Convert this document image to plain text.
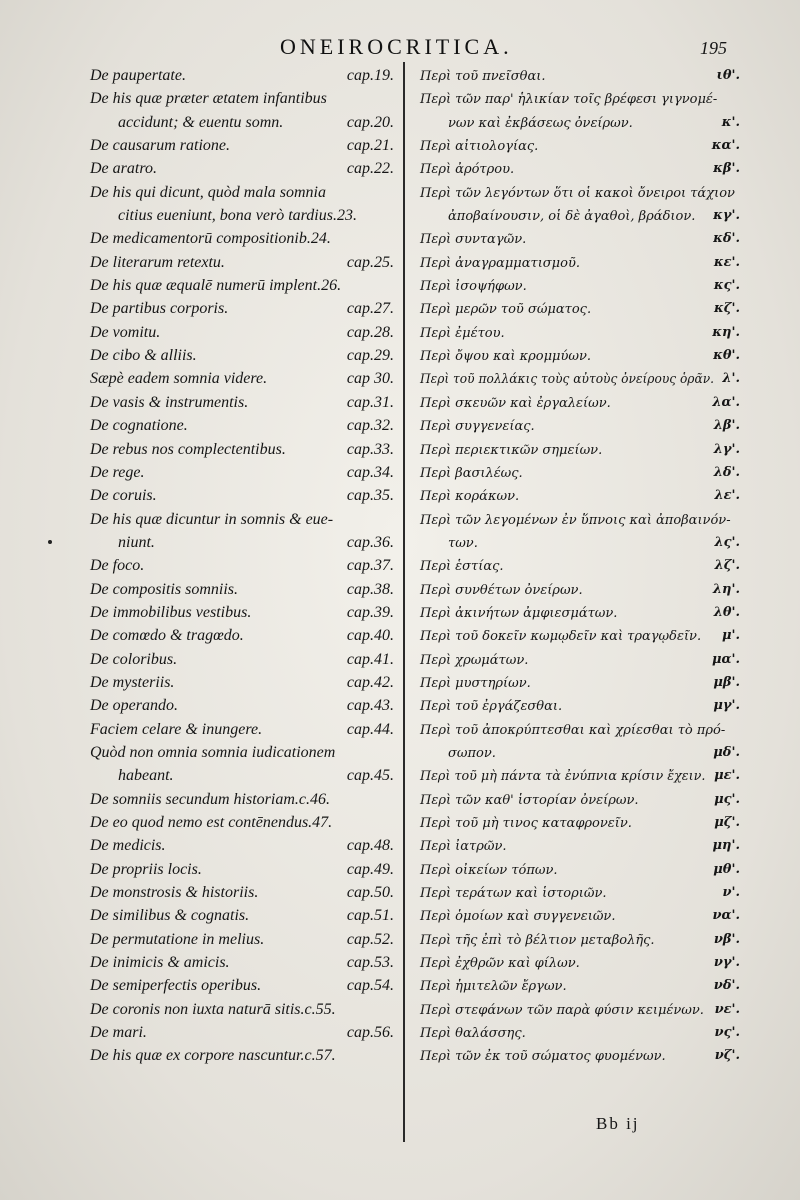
ONEIROCRITICA.	195
De paupertate.	cap.19.
De his quæ præter ætatem infantibus
accidunt; & euentu somn.	cap.20.
De causarum ratione.	cap.21.
De aratro.	cap.22.
De his qui dicunt, quòd mala somnia
citius eueniunt, bona verò tardius.23.
De medicamentorū compositionib.24.
De literarum retextu.	cap.25.
De his quæ æqualē numerū implent.26.
De partibus corporis.	cap.27.
De vomitu.	cap.28.
De cibo & alliis.	cap.29.
Sæpè eadem somnia videre.	cap 30.
De vasis & instrumentis.	cap.31.
De cognatione.	cap.32.
De rebus nos complectentibus.	cap.33.
De rege.	cap.34.
De coruis.	cap.35.
De his quæ dicuntur in somnis & eue-
niunt.	cap.36.
De foco.	cap.37.
De compositis somniis.	cap.38.
De immobilibus vestibus.	cap.39.
De comœdo & tragœdo.	cap.40.
De coloribus.	cap.41.
De mysteriis.	cap.42.
De operando.	cap.43.
Faciem celare & inungere.	cap.44.
Quòd non omnia somnia iudicationem
habeant.	cap.45.
De somniis secundum historiam.c.46.
De eo quod nemo est contēnendus.47.
De medicis.	cap.48.
De propriis locis.	cap.49.
De monstrosis & historiis.	cap.50.
De similibus & cognatis.	cap.51.
De permutatione in melius.	cap.52.
De inimicis & amicis.	cap.53.
De semiperfectis operibus.	cap.54.
De coronis non iuxta naturā sitis.c.55.
De mari.	cap.56.
De his quæ ex corpore nascuntur.c.57.
Περὶ τοῦ πνεῖσθαι.	ιθ'.
Περὶ τῶν παρ' ἡλικίαν τοῖς βρέφεσι γιγνομέ-
νων καὶ ἐκβάσεως ὀνείρων.	κ'.
Περὶ αἰτιολογίας.	κα'.
Περὶ ἀρότρου.	κβ'.
Περὶ τῶν λεγόντων ὅτι οἱ κακοὶ ὄνειροι τάχιον
ἀποβαίνουσιν, οἱ δὲ ἀγαθοὶ, βράδιον. κγ'.
Περὶ συνταγῶν.	κδ'.
Περὶ ἀναγραμματισμοῦ.	κε'.
Περὶ ἰσοψήφων.	κς'.
Περὶ μερῶν τοῦ σώματος.	κζ'.
Περὶ ἐμέτου.	κη'.
Περὶ ὄψου καὶ κρομμύων.	κθ'.
Περὶ τοῦ πολλάκις τοὺς αὐτοὺς ὀνείρους ὁρᾶν. λ'.
Περὶ σκευῶν καὶ ἐργαλείων.	λα'.
Περὶ συγγενείας.	λβ'.
Περὶ περιεκτικῶν σημείων.	λγ'.
Περὶ βασιλέως.	λδ'.
Περὶ κοράκων.	λε'.
Περὶ τῶν λεγομένων ἐν ὕπνοις καὶ ἀποβαινόν-
των.	λς'.
Περὶ ἑστίας.	λζ'.
Περὶ συνθέτων ὀνείρων.	λη'.
Περὶ ἀκινήτων ἀμφιεσμάτων.	λθ'.
Περὶ τοῦ δοκεῖν κωμῳδεῖν καὶ τραγῳδεῖν. μ'.
Περὶ χρωμάτων.	μα'.
Περὶ μυστηρίων.	μβ'.
Περὶ τοῦ ἐργάζεσθαι.	μγ'.
Περὶ τοῦ ἀποκρύπτεσθαι καὶ χρίεσθαι τὸ πρό-
σωπον.	μδ'.
Περὶ τοῦ μὴ πάντα τὰ ἐνύπνια κρίσιν ἔχειν. με'.
Περὶ τῶν καθ' ἱστορίαν ὀνείρων.	μς'.
Περὶ τοῦ μὴ τινος καταφρονεῖν.	μζ'.
Περὶ ἰατρῶν.	μη'.
Περὶ οἰκείων τόπων.	μθ'.
Περὶ τεράτων καὶ ἱστοριῶν.	ν'.
Περὶ ὁμοίων καὶ συγγενειῶν.	να'.
Περὶ τῆς ἐπὶ τὸ βέλτιον μεταβολῆς.	νβ'.
Περὶ ἐχθρῶν καὶ φίλων.	νγ'.
Περὶ ἡμιτελῶν ἔργων.	νδ'.
Περὶ στεφάνων τῶν παρὰ φύσιν κειμένων. νε'.
Περὶ θαλάσσης.	νς'.
Περὶ τῶν ἐκ τοῦ σώματος φυομένων.	νζ'.
Bb ij
